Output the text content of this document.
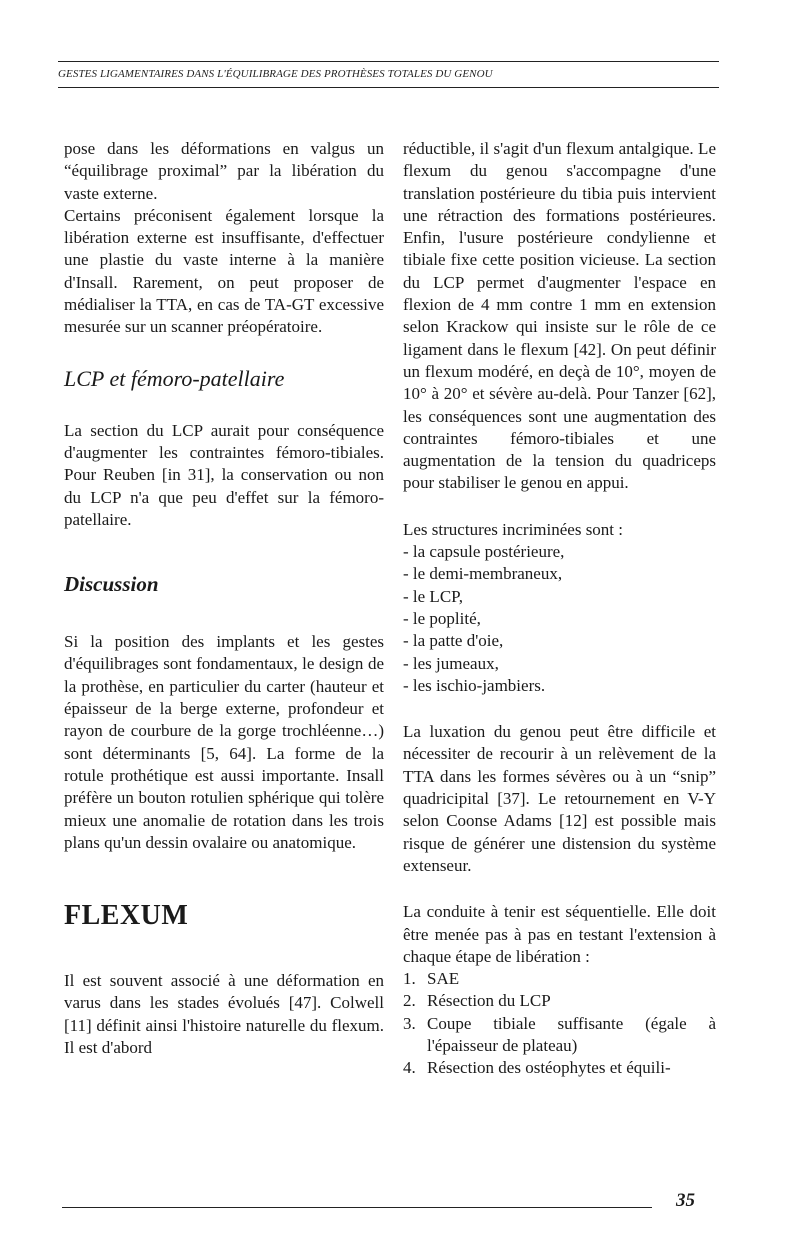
GESTES LIGAMENTAIRES DANS L'ÉQUILIBRAGE DES PROTHÈSES TOTALES DU GENOU

pose dans les déformations en valgus un “équilibrage proximal” par la libération du vaste externe.

Certains préconisent également lorsque la libération externe est insuffisante, d'effectuer une plastie du vaste interne à la manière d'Insall. Rarement, on peut proposer de médialiser la TTA, en cas de TA-GT excessive mesurée sur un scanner préopératoire.

LCP et fémoro-patellaire

La section du LCP aurait pour conséquence d'augmenter les contraintes fémoro-tibiales. Pour Reuben [in 31], la conservation ou non du LCP n'a que peu d'effet sur la fémoro-patellaire.

Discussion

Si la position des implants et les gestes d'équilibrages sont fondamentaux, le design de la prothèse, en particulier du carter (hauteur et épaisseur de la berge externe, profondeur et rayon de courbure de la gorge trochléenne…) sont déterminants [5, 64]. La forme de la rotule prothétique est aussi importante. Insall préfère un bouton rotulien sphérique qui tolère mieux une anomalie de rotation dans les trois plans qu'un dessin ovalaire ou anatomique.

FLEXUM

Il est souvent associé à une déformation en varus dans les stades évolués [47]. Colwell [11] définit ainsi l'histoire naturelle du flexum. Il est d'abord

réductible, il s'agit d'un flexum antalgique. Le flexum du genou s'accompagne d'une translation postérieure du tibia puis intervient une rétraction des formations postérieures. Enfin, l'usure postérieure condylienne et tibiale fixe cette position vicieuse. La section du LCP permet d'augmenter l'espace en flexion de 4 mm contre 1 mm en extension selon Krackow qui insiste sur le rôle de ce ligament dans le flexum [42]. On peut définir un flexum modéré, en deçà de 10°, moyen de 10° à 20° et sévère au-delà. Pour Tanzer [62], les conséquences sont une augmentation des contraintes fémoro-tibiales et une augmentation de la tension du quadriceps pour stabiliser le genou en appui.

Les structures incriminées sont :

- la capsule postérieure,
- le demi-membraneux,
- le LCP,
- le poplité,
- la patte d'oie,
- les jumeaux,
- les ischio-jambiers.

La luxation du genou peut être difficile et nécessiter de recourir à un relèvement de la TTA dans les formes sévères ou à un “snip” quadricipital [37]. Le retournement en V-Y selon Coonse Adams [12] est possible mais risque de générer une distension du système extenseur.

La conduite à tenir est séquentielle. Elle doit être menée pas à pas en testant l'extension à chaque étape de libération :

1. SAE
2. Résection du LCP
3. Coupe tibiale suffisante (égale à l'épaisseur de plateau)
4. Résection des ostéophytes et équili-
35
